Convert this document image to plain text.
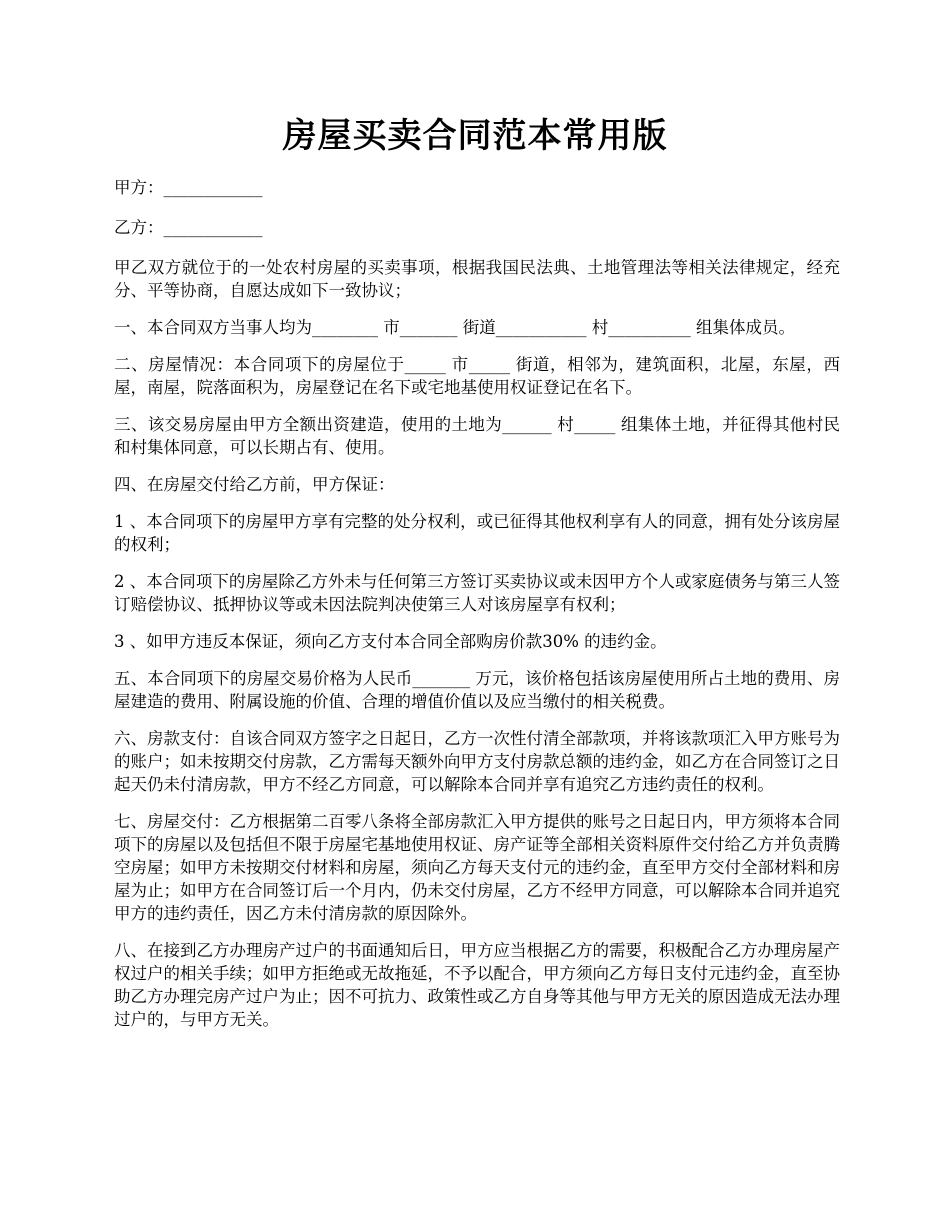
房屋买卖合同范本常用版

甲方：____________

乙方：____________

甲乙双方就位于的一处农村房屋的买卖事项，根据我国民法典、土地管理法等相关法律规定，经充分、平等协商，自愿达成如下一致协议；

一、本合同双方当事人均为________ 市_______ 街道___________ 村__________ 组集体成员。

二、房屋情况：本合同项下的房屋位于_____ 市_____ 街道，相邻为，建筑面积，北屋，东屋，西屋，南屋，院落面积为，房屋登记在名下或宅地基使用权证登记在名下。

三、该交易房屋由甲方全额出资建造，使用的土地为______ 村_____ 组集体土地，并征得其他村民和村集体同意，可以长期占有、使用。

四、在房屋交付给乙方前，甲方保证：

1 、本合同项下的房屋甲方享有完整的处分权利，或已征得其他权利享有人的同意，拥有处分该房屋的权利；

2 、本合同项下的房屋除乙方外未与任何第三方签订买卖协议或未因甲方个人或家庭债务与第三人签订赔偿协议、抵押协议等或未因法院判决使第三人对该房屋享有权利；

3 、如甲方违反本保证，须向乙方支付本合同全部购房价款30% 的违约金。

五、本合同项下的房屋交易价格为人民币_______ 万元，该价格包括该房屋使用所占土地的费用、房屋建造的费用、附属设施的价值、合理的增值价值以及应当缴付的相关税费。

六、房款支付：自该合同双方签字之日起日，乙方一次性付清全部款项，并将该款项汇入甲方账号为的账户；如未按期交付房款，乙方需每天额外向甲方支付房款总额的违约金，如乙方在合同签订之日起天仍未付清房款，甲方不经乙方同意，可以解除本合同并享有追究乙方违约责任的权利。

七、房屋交付：乙方根据第二百零八条将全部房款汇入甲方提供的账号之日起日内，甲方须将本合同项下的房屋以及包括但不限于房屋宅基地使用权证、房产证等全部相关资料原件交付给乙方并负责腾空房屋；如甲方未按期交付材料和房屋，须向乙方每天支付元的违约金，直至甲方交付全部材料和房屋为止；如甲方在合同签订后一个月内，仍未交付房屋，乙方不经甲方同意，可以解除本合同并追究甲方的违约责任，因乙方未付清房款的原因除外。

八、在接到乙方办理房产过户的书面通知后日，甲方应当根据乙方的需要，积极配合乙方办理房屋产权过户的相关手续；如甲方拒绝或无故拖延，不予以配合，甲方须向乙方每日支付元违约金，直至协助乙方办理完房产过户为止；因不可抗力、政策性或乙方自身等其他与甲方无关的原因造成无法办理过户的，与甲方无关。
